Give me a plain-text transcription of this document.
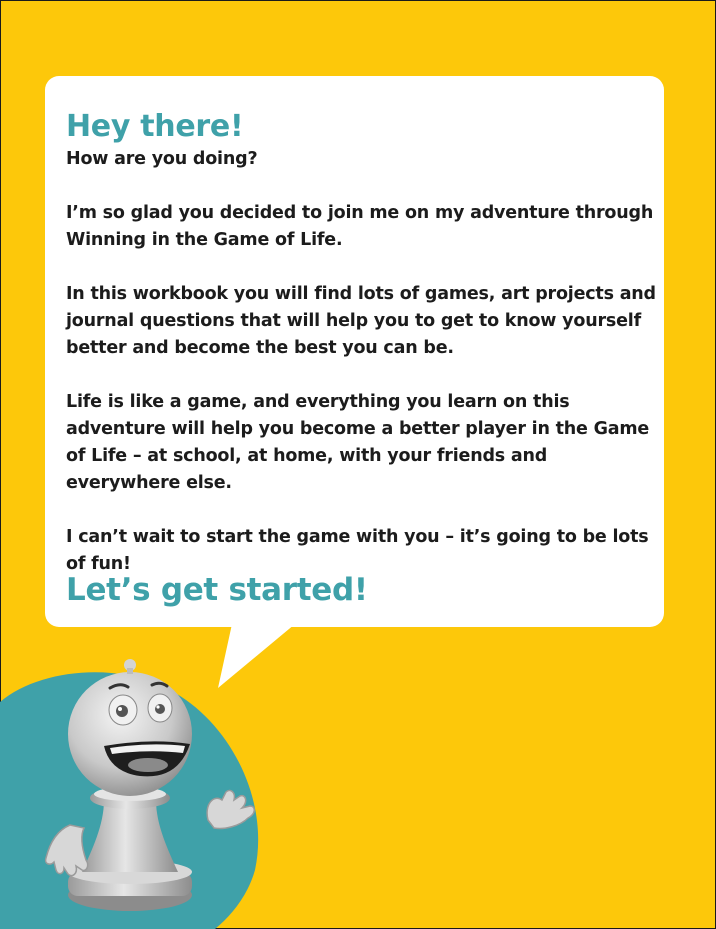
Hey there!

How are you doing?

I’m so glad you decided to join me on my adventure through Winning in the Game of Life.

In this workbook you will find lots of games, art projects and journal questions that will help you to get to know yourself better and become the best you can be.

Life is like a game, and everything you learn on this adventure will help you become a better player in the Game of Life – at school, at home, with your friends and everywhere else.

I can’t wait to start the game with you – it’s going to be lots of fun!

Let’s get started!
